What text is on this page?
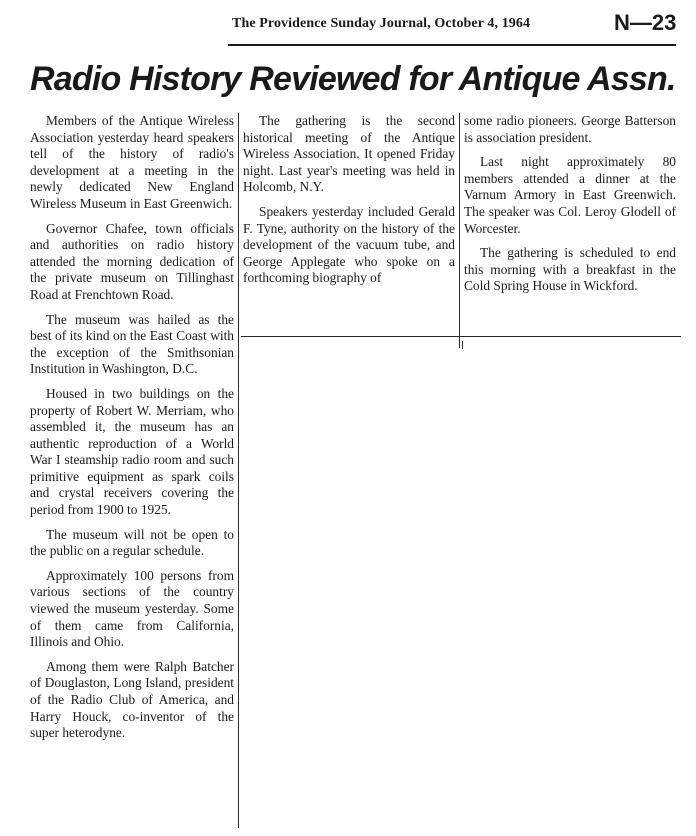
The Providence Sunday Journal, October 4, 1964	N—23
Radio History Reviewed for Antique Assn.

Members of the Antique Wireless Association yesterday heard speakers tell of the history of radio's development at a meeting in the newly dedicated New England Wireless Museum in East Greenwich.

Governor Chafee, town officials and authorities on radio history attended the morning dedication of the private museum on Tillinghast Road at Frenchtown Road.

The museum was hailed as the best of its kind on the East Coast with the exception of the Smithsonian Institution in Washington, D.C.

Housed in two buildings on the property of Robert W. Merriam, who assembled it, the museum has an authentic reproduction of a World War I steamship radio room and such primitive equipment as spark coils and crystal receivers covering the period from 1900 to 1925.

The museum will not be open to the public on a regular schedule.

Approximately 100 persons from various sections of the country viewed the museum yesterday. Some of them came from California, Illinois and Ohio.

Among them were Ralph Batcher of Douglaston, Long Island, president of the Radio Club of America, and Harry Houck, co-inventor of the super heterodyne.

The gathering is the second historical meeting of the Antique Wireless Association. It opened Friday night. Last year's meeting was held in Holcomb, N.Y.

Speakers yesterday included Gerald F. Tyne, authority on the history of the development of the vacuum tube, and George Applegate who spoke on a forthcoming biography of

some radio pioneers. George Batterson is association president.

Last night approximately 80 members attended a dinner at the Varnum Armory in East Greenwich. The speaker was Col. Leroy Glodell of Worcester.

The gathering is scheduled to end this morning with a breakfast in the Cold Spring House in Wickford.
